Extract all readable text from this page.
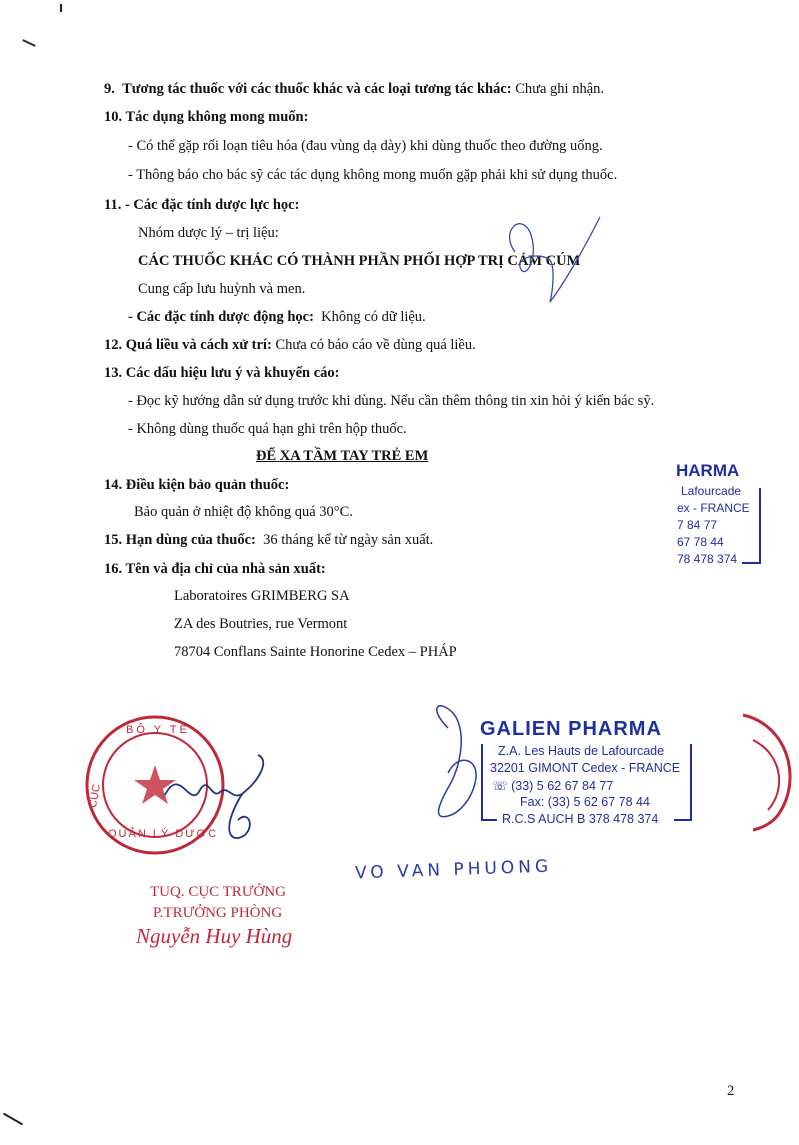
9. Tương tác thuốc với các thuốc khác và các loại tương tác khác: Chưa ghi nhận.
10. Tác dụng không mong muốn:
- Có thể gặp rối loạn tiêu hóa (đau vùng dạ dày) khi dùng thuốc theo đường uống.
- Thông báo cho bác sỹ các tác dụng không mong muốn gặp phải khi sử dụng thuốc.
11. - Các đặc tính dược lực học:
Nhóm dược lý – trị liệu:
CÁC THUỐC KHÁC CÓ THÀNH PHẦN PHỐI HỢP TRỊ CẢM CÚM
Cung cấp lưu huỳnh và men.
- Các đặc tính dược động học: Không có dữ liệu.
12. Quá liều và cách xử trí: Chưa có báo cáo về dùng quá liều.
13. Các dấu hiệu lưu ý và khuyến cáo:
- Đọc kỹ hướng dẫn sử dụng trước khi dùng. Nếu cần thêm thông tin xin hỏi ý kiến bác sỹ.
- Không dùng thuốc quá hạn ghi trên hộp thuốc.
ĐỂ XA TẦM TAY TRẺ EM
14. Điều kiện bảo quản thuốc:
Bảo quản ở nhiệt độ không quá 30°C.
15. Hạn dùng của thuốc: 36 tháng kể từ ngày sản xuất.
16. Tên và địa chỉ của nhà sản xuất:
Laboratoires GRIMBERG SA
ZA des Boutries, rue Vermont
78704 Conflans Sainte Honorine Cedex – PHÁP
HARMA
Lafourcade
ex - FRANCE
7 84 77
67 78 44
78 478 374
BỘ Y TẾ
CỤC
QUẢN LÝ DƯỢC
GALIEN PHARMA
Z.A. Les Hauts de Lafourcade
32201 GIMONT Cedex - FRANCE
☏ (33) 5 62 67 84 77
Fax: (33) 5 62 67 78 44
R.C.S AUCH B 378 478 374
VO VAN PHUONG
TUQ. CỤC TRƯỞNG
P.TRƯỞNG PHÒNG
Nguyễn Huy Hùng
2
